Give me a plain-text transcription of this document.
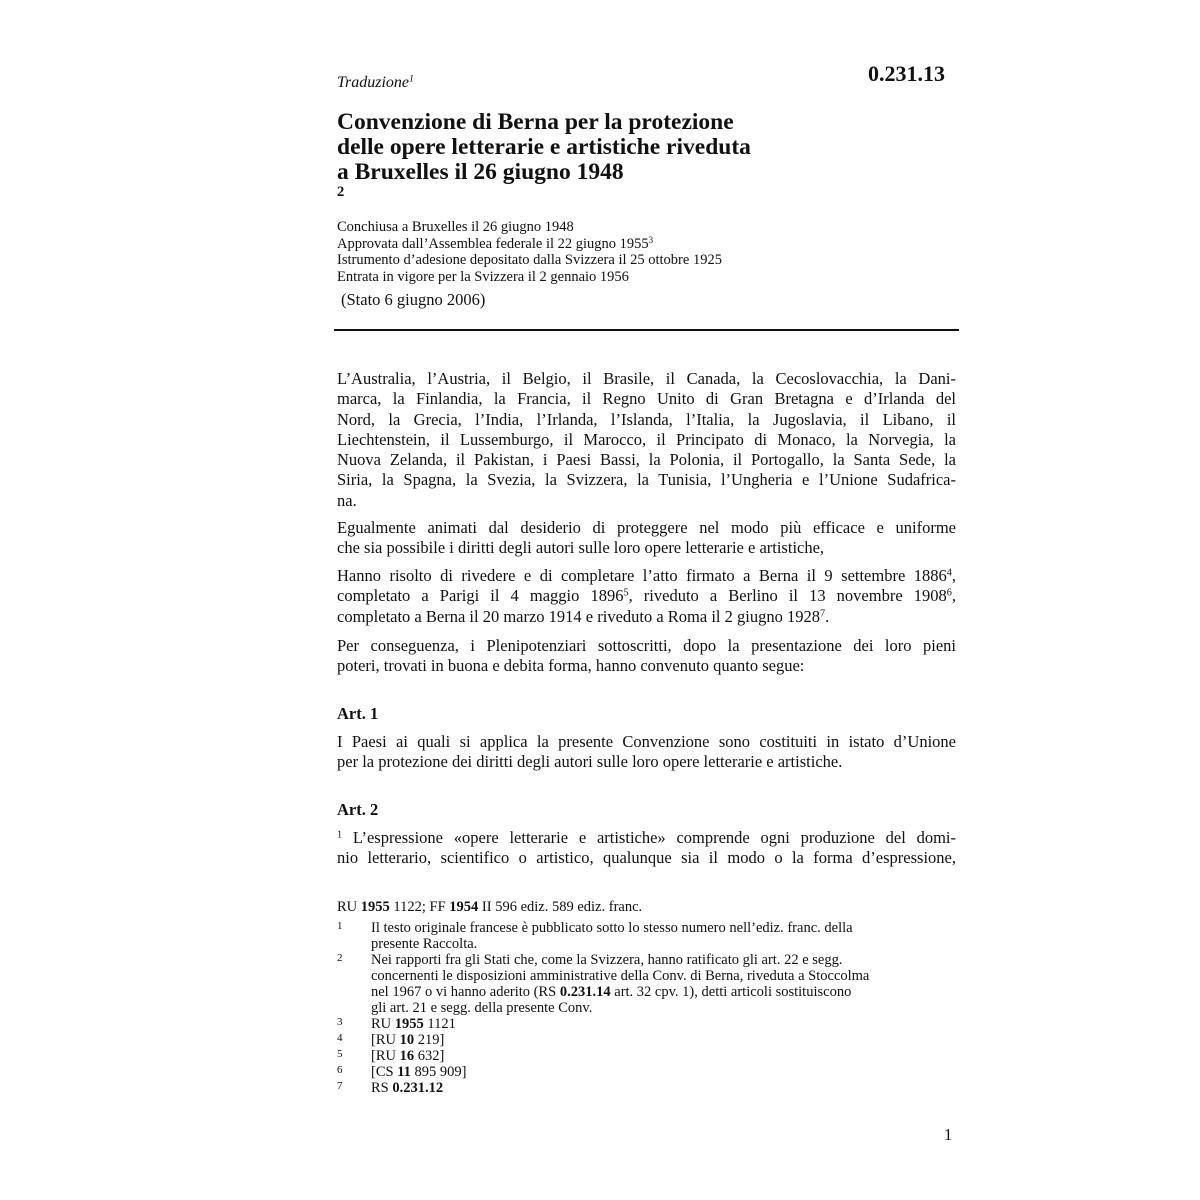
Traduzione$^1$	0.231.13
Convenzione di Berna per la protezione
delle opere letterarie e artistiche riveduta
a Bruxelles il 26 giugno 1948
$^2$
Conchiusa a Bruxelles il 26 giugno 1948
Approvata dall’Assemblea federale il 22 giugno 1955$^3$
Istrumento d’adesione depositato dalla Svizzera il 25 ottobre 1925
Entrata in vigore per la Svizzera il 2 gennaio 1956
(Stato 6 giugno 2006)
L’Australia, l’Austria, il Belgio, il Brasile, il Canada, la Cecoslovacchia, la Dani-
marca, la Finlandia, la Francia, il Regno Unito di Gran Bretagna e d’Irlanda del
Nord, la Grecia, l’India, l’Irlanda, l’Islanda, l’Italia, la Jugoslavia, il Libano, il
Liechtenstein, il Lussemburgo, il Marocco, il Principato di Monaco, la Norvegia, la
Nuova Zelanda, il Pakistan, i Paesi Bassi, la Polonia, il Portogallo, la Santa Sede, la
Siria, la Spagna, la Svezia, la Svizzera, la Tunisia, l’Ungheria e l’Unione Sudafrica-
na.
Egualmente animati dal desiderio di proteggere nel modo più efficace e uniforme
che sia possibile i diritti degli autori sulle loro opere letterarie e artistiche,
Hanno risolto di rivedere e di completare l’atto firmato a Berna il 9 settembre 1886$^4$,
completato a Parigi il 4 maggio 1896$^5$, riveduto a Berlino il 13 novembre 1908$^6$,
completato a Berna il 20 marzo 1914 e riveduto a Roma il 2 giugno 1928$^7$.
Per conseguenza, i Plenipotenziari sottoscritti, dopo la presentazione dei loro pieni
poteri, trovati in buona e debita forma, hanno convenuto quanto segue:
Art. 1
I Paesi ai quali si applica la presente Convenzione sono costituiti in istato d’Unione
per la protezione dei diritti degli autori sulle loro opere letterarie e artistiche.
Art. 2
$^1$ L’espressione «opere letterarie e artistiche» comprende ogni produzione del domi-
nio letterario, scientifico o artistico, qualunque sia il modo o la forma d’espressione,
RU 1955 1122; FF 1954 II 596 ediz. 589 ediz. franc.
1 Il testo originale francese è pubblicato sotto lo stesso numero nell’ediz. franc. della
presente Raccolta.
2 Nei rapporti fra gli Stati che, come la Svizzera, hanno ratificato gli art. 22 e segg.
concernenti le disposizioni amministrative della Conv. di Berna, riveduta a Stoccolma
nel 1967 o vi hanno aderito (RS 0.231.14 art. 32 cpv. 1), detti articoli sostituiscono
gli art. 21 e segg. della presente Conv.
3 RU 1955 1121
4 [RU 10 219]
5 [RU 16 632]
6 [CS 11 895 909]
7 RS 0.231.12
1
